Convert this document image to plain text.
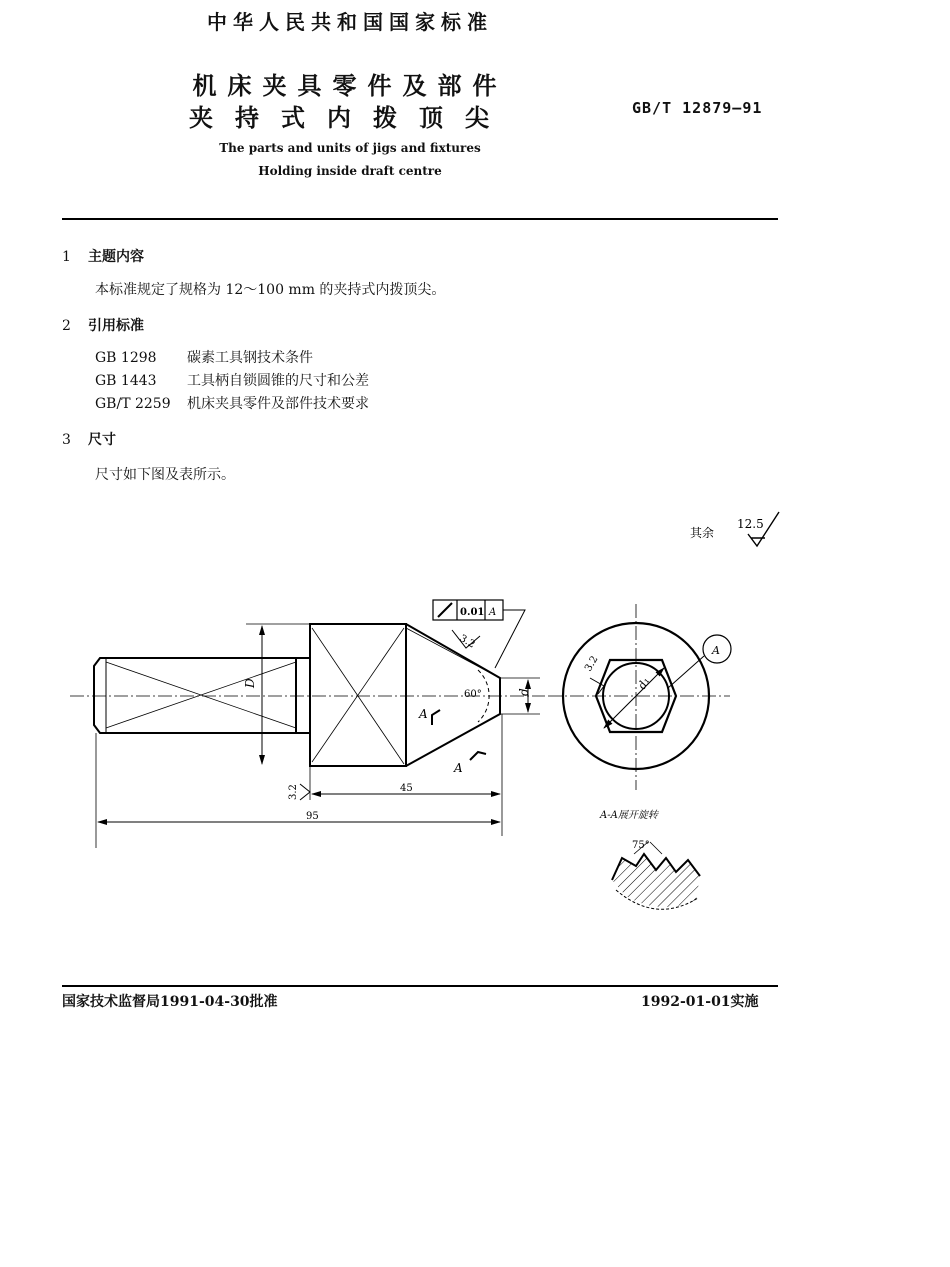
中华人民共和国国家标准
机床夹具零件及部件
夹持式内拨顶尖	GB/T 12879—91
The parts and units of jigs and fixtures
Holding inside draft centre
1 主题内容
本标准规定了规格为 12～100 mm 的夹持式内拨顶尖。
2 引用标准
GB 1298 碳素工具钢技术条件
GB 1443 工具柄自锁圆锥的尺寸和公差
GB/T 2259 机床夹具零件及部件技术要求
3 尺寸
尺寸如下图及表所示。
其余
12.5
A
A
60°
0.01 A
3.2
D
d
3.2	45
95
d₁
3.2
A
A-A展开旋转
75°
国家技术监督局1991-04-30批准	1992-01-01实施
